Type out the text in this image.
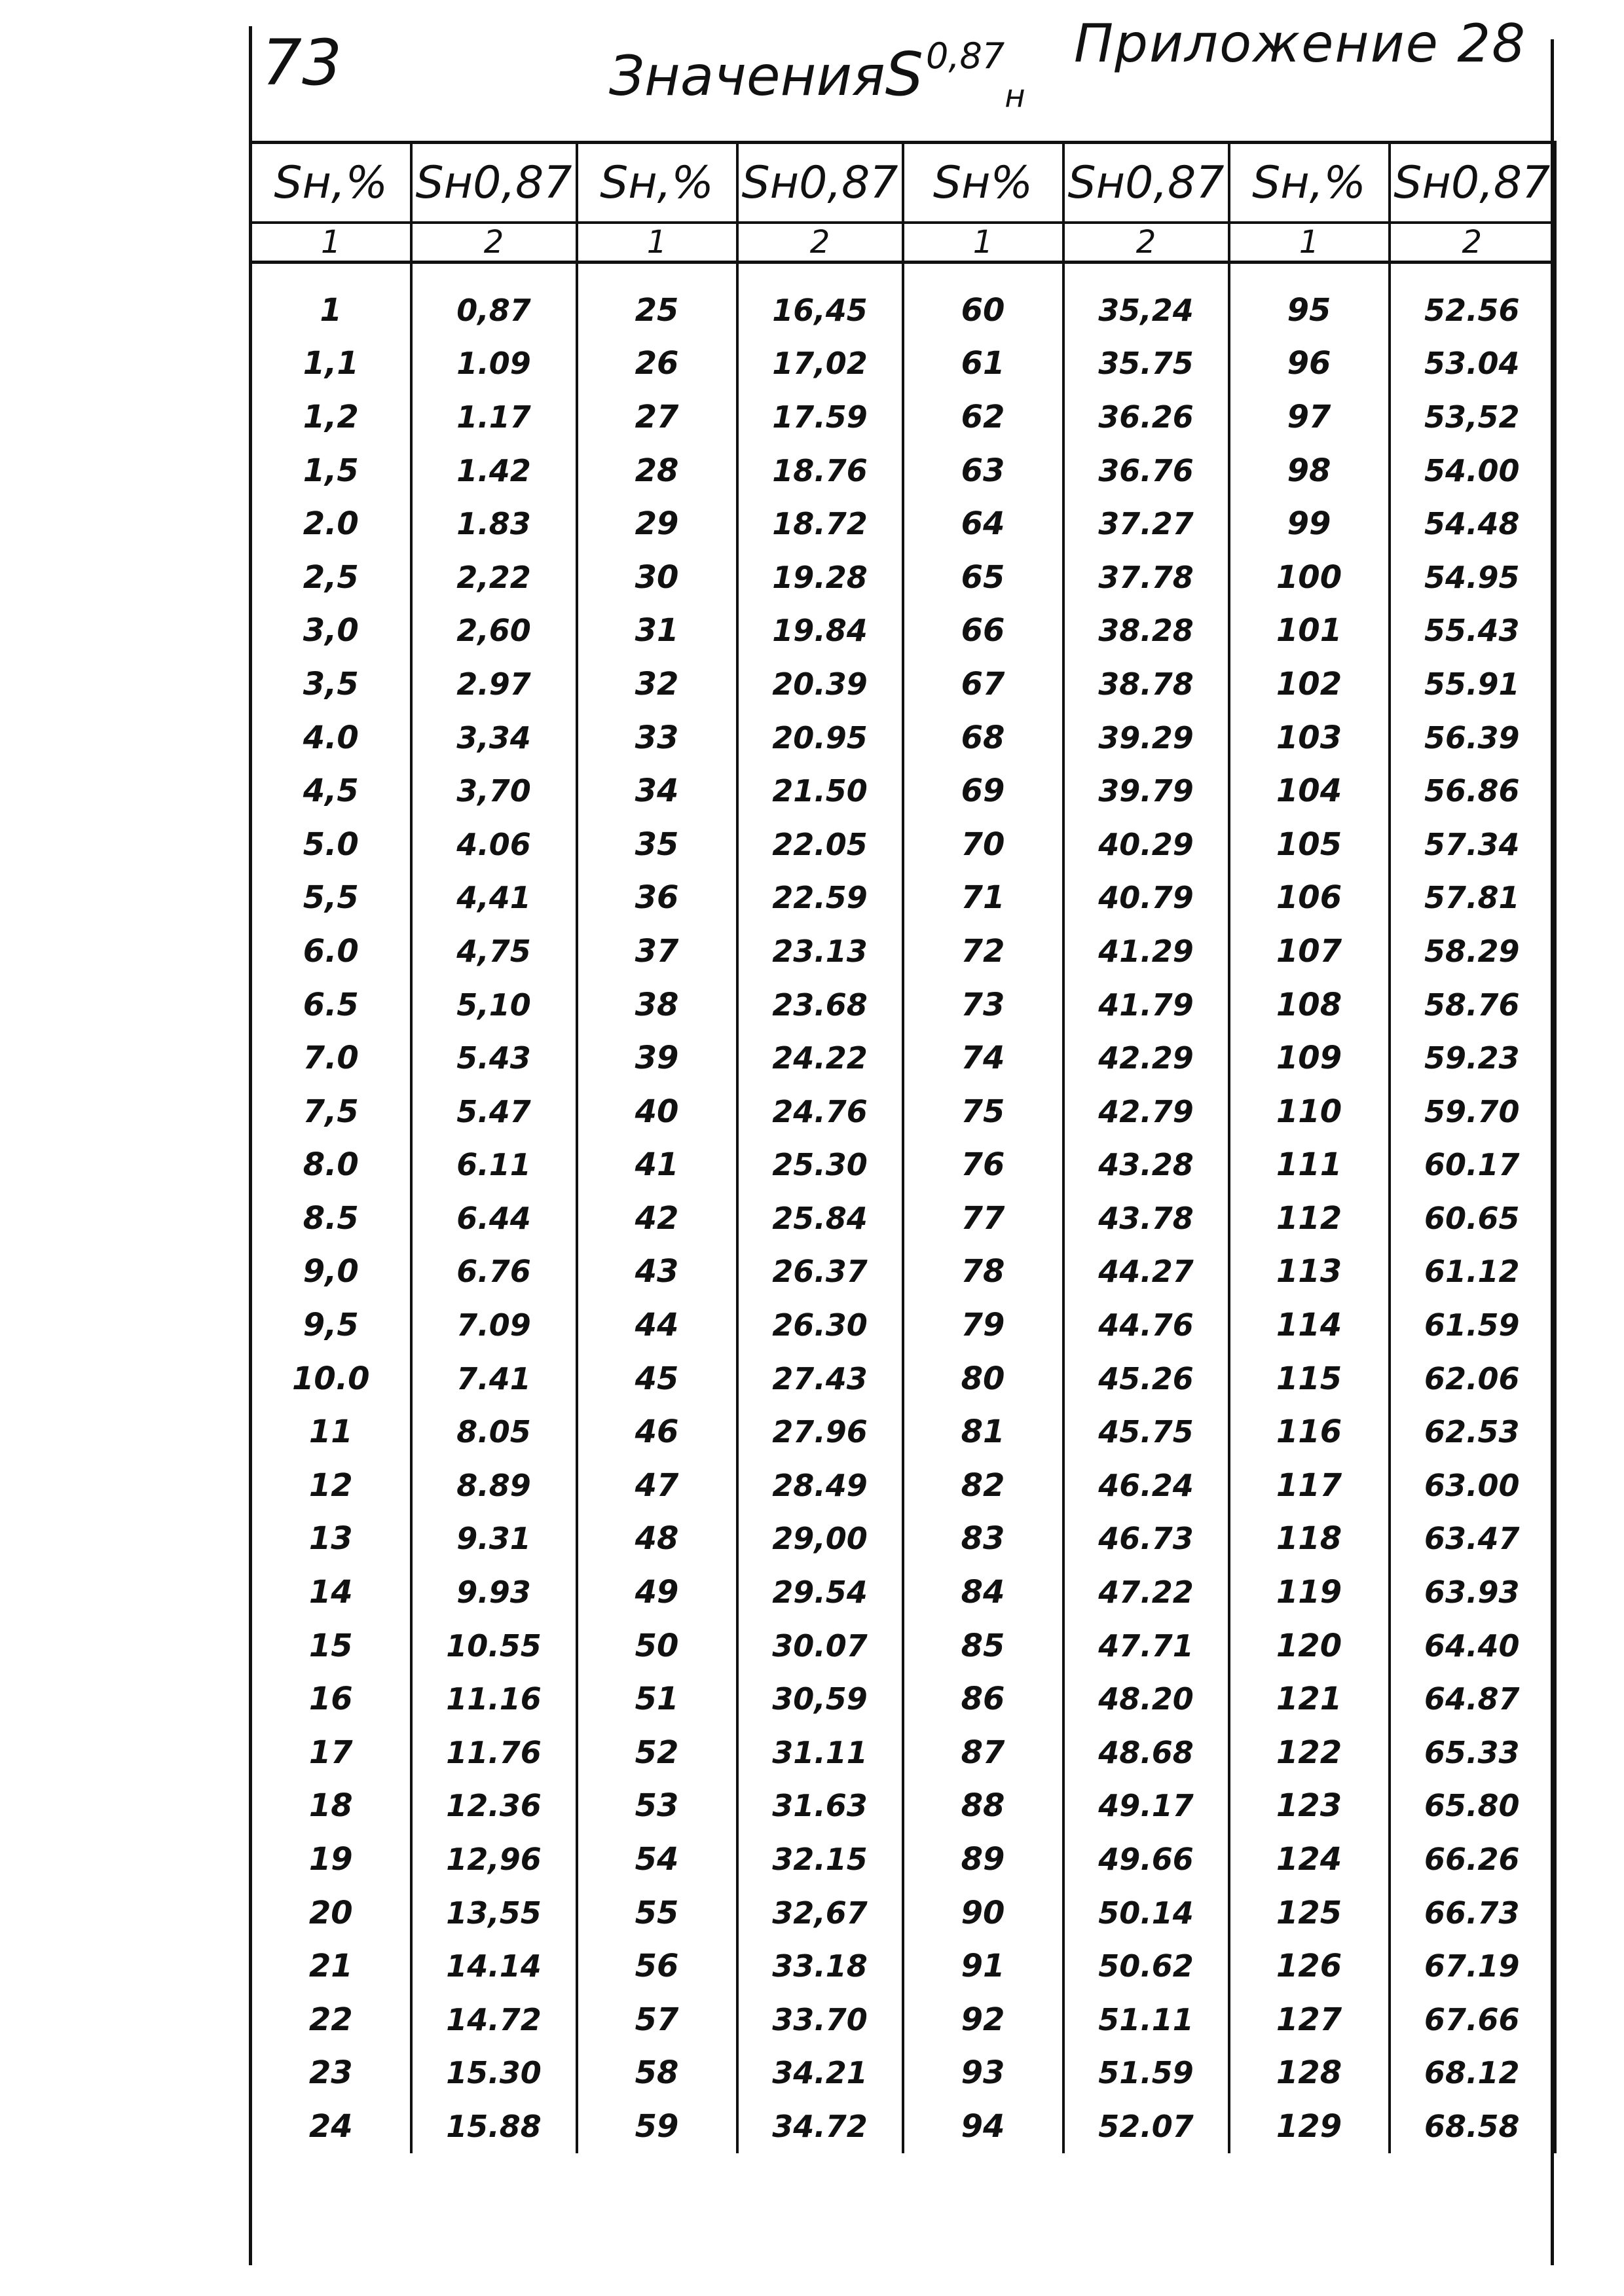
73	Приложение 28
ЗначенияS$^{0,87}_н$
Sн,%	Sн0,87	Sн,%	Sн0,87	Sн%	Sн0,87	Sн,%	Sн0,87
1	2	1	2	1	2	1	2

1	0,87	25	16,45	60	35,24	95	52.56
1,1	1.09	26	17,02	61	35.75	96	53.04
1,2	1.17	27	17.59	62	36.26	97	53,52
1,5	1.42	28	18.76	63	36.76	98	54.00
2.0	1.83	29	18.72	64	37.27	99	54.48
2,5	2,22	30	19.28	65	37.78	100	54.95
3,0	2,60	31	19.84	66	38.28	101	55.43
3,5	2.97	32	20.39	67	38.78	102	55.91
4.0	3,34	33	20.95	68	39.29	103	56.39
4,5	3,70	34	21.50	69	39.79	104	56.86
5.0	4.06	35	22.05	70	40.29	105	57.34
5,5	4,41	36	22.59	71	40.79	106	57.81
6.0	4,75	37	23.13	72	41.29	107	58.29
6.5	5,10	38	23.68	73	41.79	108	58.76
7.0	5.43	39	24.22	74	42.29	109	59.23
7,5	5.47	40	24.76	75	42.79	110	59.70
8.0	6.11	41	25.30	76	43.28	111	60.17
8.5	6.44	42	25.84	77	43.78	112	60.65
9,0	6.76	43	26.37	78	44.27	113	61.12
9,5	7.09	44	26.30	79	44.76	114	61.59
10.0	7.41	45	27.43	80	45.26	115	62.06
11	8.05	46	27.96	81	45.75	116	62.53
12	8.89	47	28.49	82	46.24	117	63.00
13	9.31	48	29,00	83	46.73	118	63.47
14	9.93	49	29.54	84	47.22	119	63.93
15	10.55	50	30.07	85	47.71	120	64.40
16	11.16	51	30,59	86	48.20	121	64.87
17	11.76	52	31.11	87	48.68	122	65.33
18	12.36	53	31.63	88	49.17	123	65.80
19	12,96	54	32.15	89	49.66	124	66.26
20	13,55	55	32,67	90	50.14	125	66.73
21	14.14	56	33.18	91	50.62	126	67.19
22	14.72	57	33.70	92	51.11	127	67.66
23	15.30	58	34.21	93	51.59	128	68.12
24	15.88	59	34.72	94	52.07	129	68.58
